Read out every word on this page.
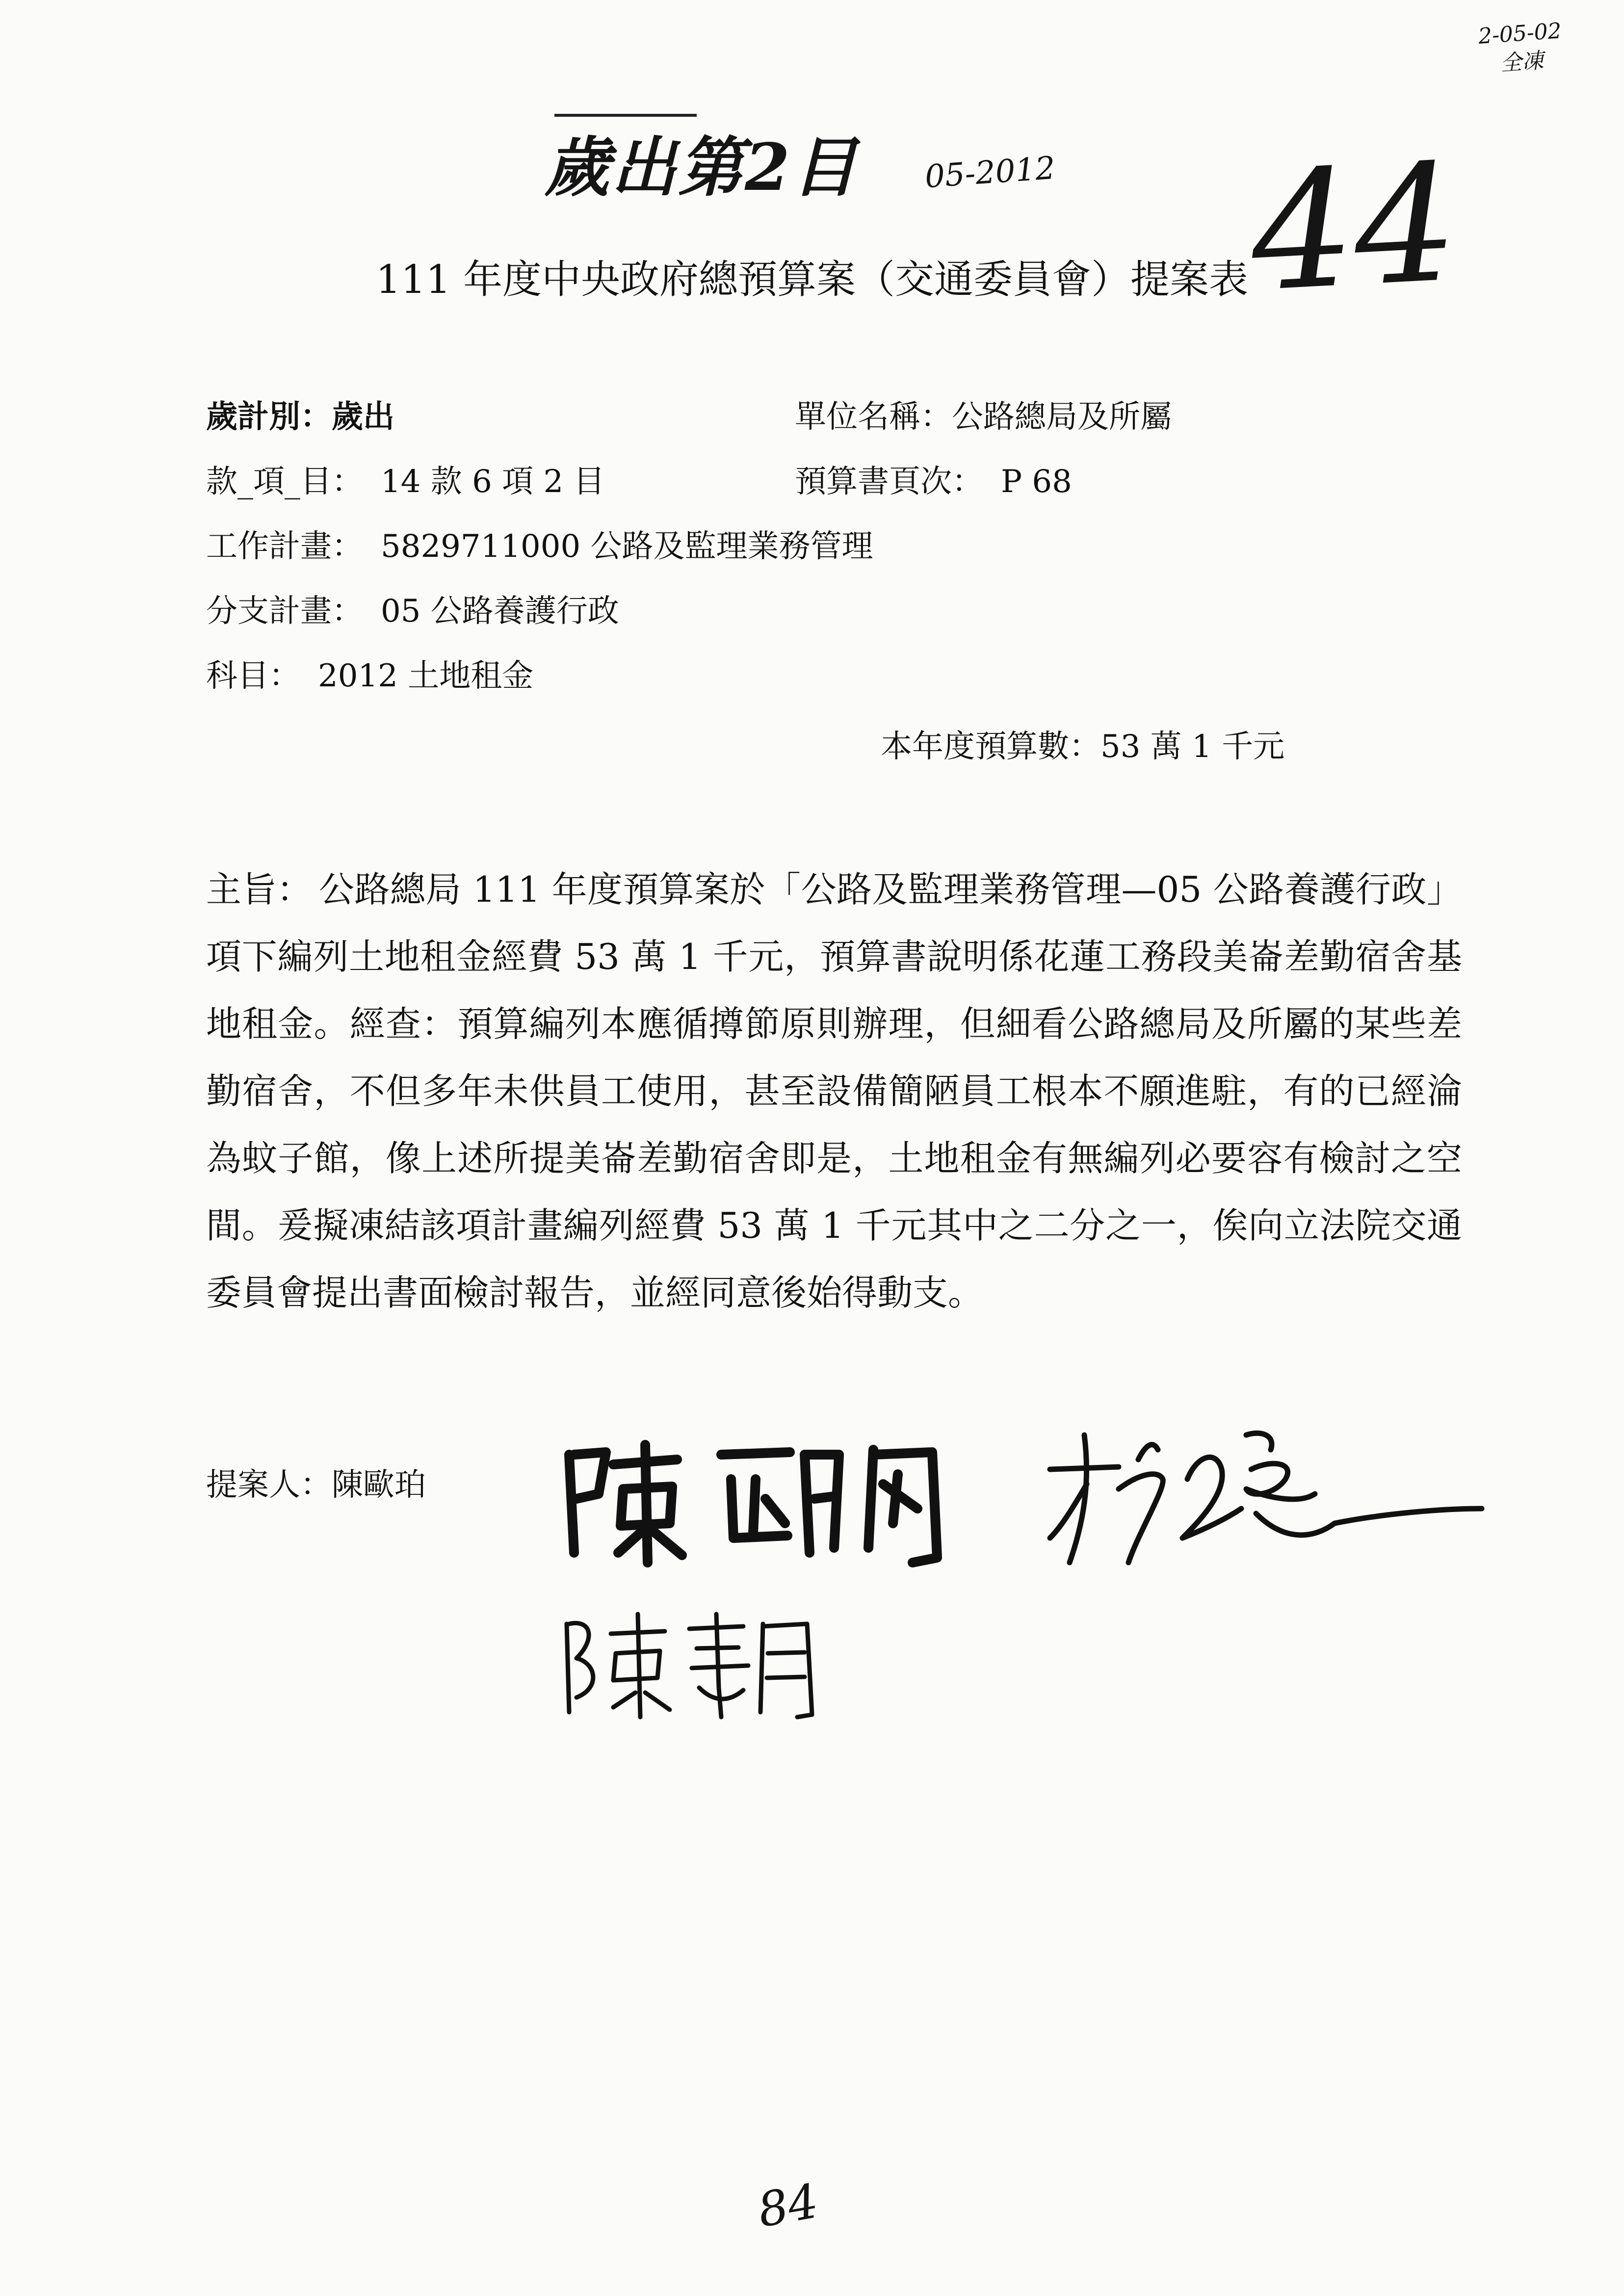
2-05-02
全凍
歲出第2目 05-2012 44
111 年度中央政府總預算案（交通委員會）提案表
歲計別：歲出	單位名稱：公路總局及所屬
款_項_目： 14 款 6 項 2 目	預算書頁次： P 68
工作計畫： 5829711000 公路及監理業務管理
分支計畫： 05 公路養護行政
科目： 2012 土地租金
本年度預算數：53 萬 1 千元
主旨： 公路總局 111 年度預算案於「公路及監理業務管理—05 公路養護行政」項下編列土地租金經費 53 萬 1 千元，預算書說明係花蓮工務段美崙差勤宿舍基地租金。經查：預算編列本應循撙節原則辦理，但細看公路總局及所屬的某些差勤宿舍，不但多年未供員工使用，甚至設備簡陋員工根本不願進駐，有的已經淪為蚊子館，像上述所提美崙差勤宿舍即是，土地租金有無編列必要容有檢討之空間。爰擬凍結該項計畫編列經費 53 萬 1 千元其中之二分之一，俟向立法院交通委員會提出書面檢討報告，並經同意後始得動支。

提案人：陳歐珀
84
